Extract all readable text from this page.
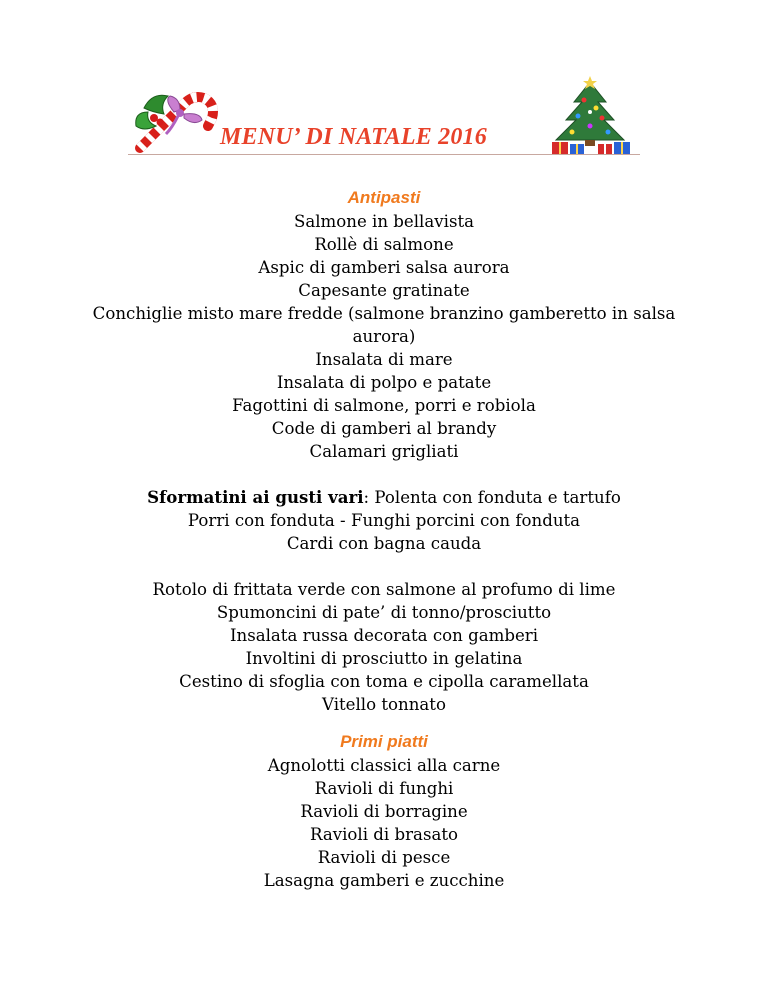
MENU’ DI NATALE 2016
Antipasti
Salmone in bellavista
Rollè di salmone
Aspic di gamberi salsa aurora
Capesante gratinate
Conchiglie misto mare fredde (salmone branzino gamberetto in salsa aurora)
Insalata di mare
Insalata di polpo e patate
Fagottini di salmone, porri e robiola
Code di gamberi al brandy
Calamari grigliati
Sformatini ai gusti vari: Polenta con fonduta e tartufo
Porri con fonduta - Funghi porcini con fonduta
Cardi con bagna cauda
Rotolo di frittata verde con salmone al profumo di lime
Spumoncini di pate’ di tonno/prosciutto
Insalata russa decorata con gamberi
Involtini di prosciutto in gelatina
Cestino di sfoglia con toma e cipolla caramellata
Vitello tonnato
Primi piatti
Agnolotti classici alla carne
Ravioli di funghi
Ravioli di borragine
Ravioli di brasato
Ravioli di pesce
Lasagna gamberi e zucchine
